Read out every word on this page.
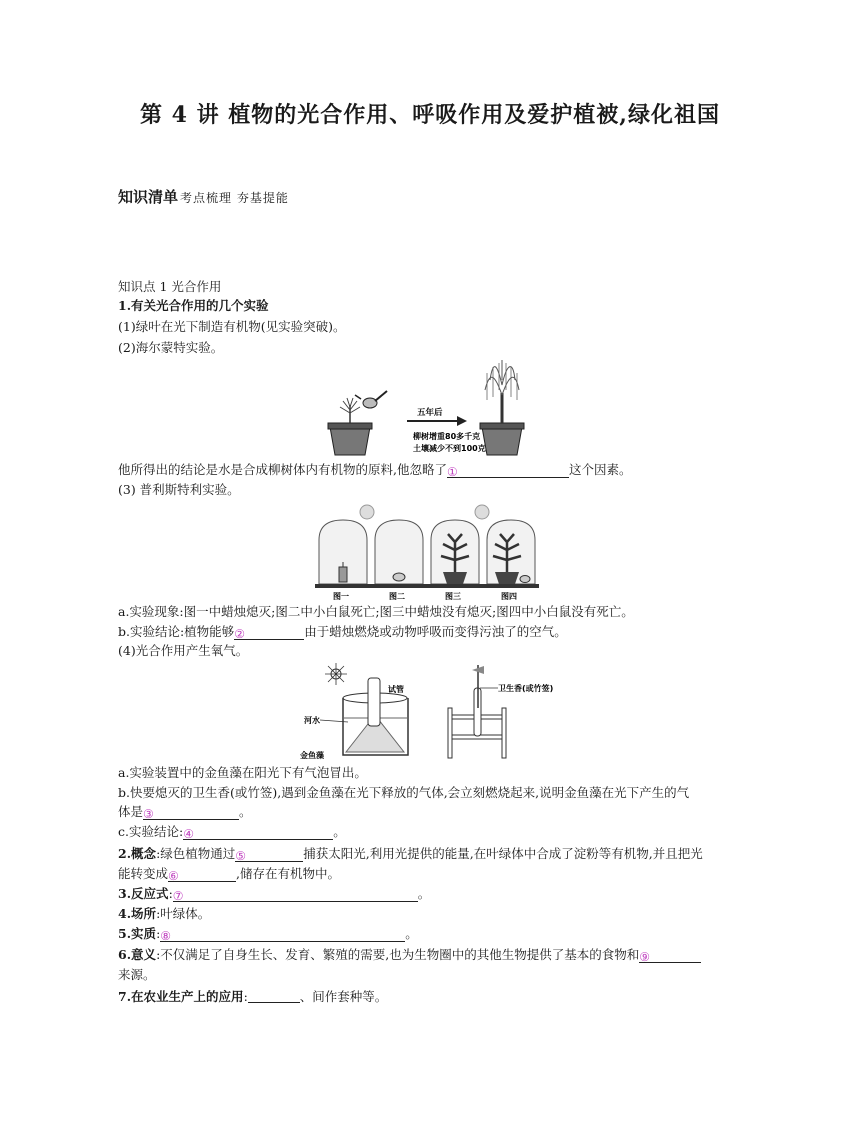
第 4 讲 植物的光合作用、呼吸作用及爱护植被,绿化祖国
知识清单 考点梳理 夯基提能
知识点 1 光合作用
1.有关光合作用的几个实验
(1)绿叶在光下制造有机物(见实验突破)。
(2)海尔蒙特实验。
五年后
柳树增重80多千克
土壤减少不到100克
他所得出的结论是水是合成柳树体内有机物的原料,他忽略了①	这个因素。
(3) 普利斯特利实验。
图一	图二	图三	图四
a.实验现象:图一中蜡烛熄灭;图二中小白鼠死亡;图三中蜡烛没有熄灭;图四中小白鼠没有死亡。
b.实验结论:植物能够②	由于蜡烛燃烧或动物呼吸而变得污浊了的空气。
(4)光合作用产生氧气。
试管
河水
金鱼藻
卫生香(或竹签)
a.实验装置中的金鱼藻在阳光下有气泡冒出。
b.快要熄灭的卫生香(或竹签),遇到金鱼藻在光下释放的气体,会立刻燃烧起来,说明金鱼藻在光下产生的气
体是③	。
c.实验结论:④	。
2.概念:绿色植物通过⑤	捕获太阳光,利用光提供的能量,在叶绿体中合成了淀粉等有机物,并且把光
能转变成⑥	,储存在有机物中。
3.反应式:⑦	。
4.场所:叶绿体。
5.实质:⑧	。
6.意义:不仅满足了自身生长、发育、繁殖的需要,也为生物圈中的其他生物提供了基本的食物和⑨
来源。
7.在农业生产上的应用:	、间作套种等。
